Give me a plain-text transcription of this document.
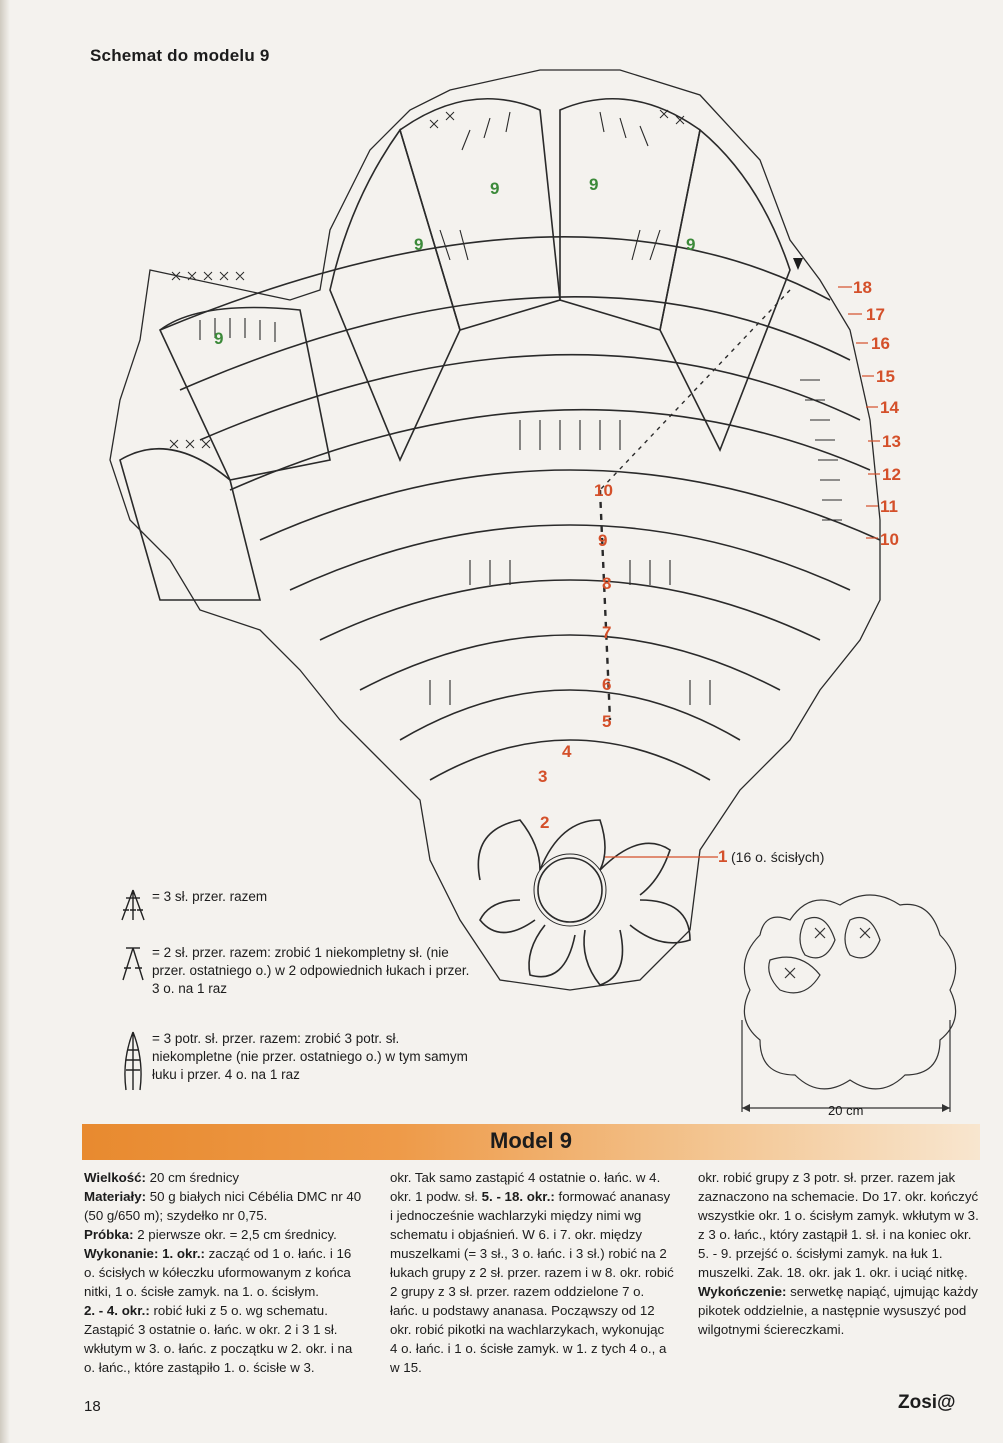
Schemat do modelu 9
18
17
16
15
14
13
12
11
10
10
9
8
7
6
5
4
3
2
1 (16 o. ścisłych)
9	9
9	9
9
= 3 sł. przer. razem
= 2 sł. przer. razem: zrobić 1 niekompletny sł. (nie przer. ostatniego o.) w 2 odpowiednich łukach i przer. 3 o. na 1 raz
= 3 potr. sł. przer. razem: zrobić 3 potr. sł. niekompletne (nie przer. ostatniego o.) w tym samym łuku i przer. 4 o. na 1 raz
20 cm
Model 9
Wielkość: 20 cm średnicy
Materiały: 50 g białych nici Cébélia DMC nr 40 (50 g/650 m); szydełko nr 0,75.
Próbka: 2 pierwsze okr. = 2,5 cm średnicy.
Wykonanie: 1. okr.: zacząć od 1 o. łańc. i 16 o. ścisłych w kółeczku uformowanym z końca nitki, 1 o. ścisłe zamyk. na 1. o. ścisłym.
2. - 4. okr.: robić łuki z 5 o. wg schematu. Zastąpić 3 ostatnie o. łańc. w okr. 2 i 3 1 sł. wkłutym w 3. o. łańc. z początku w 2. okr. i na o. łańc., które zastąpiło 1. o. ścisłe w 3.
okr. Tak samo zastąpić 4 ostatnie o. łańc. w 4. okr. 1 podw. sł. 5. - 18. okr.: formować ananasy i jednocześnie wachlarzyki między nimi wg schematu i objaśnień. W 6. i 7. okr. między muszelkami (= 3 sł., 3 o. łańc. i 3 sł.) robić na 2 łukach grupy z 2 sł. przer. razem i w 8. okr. robić 2 grupy z 3 sł. przer. razem oddzielone 7 o. łańc. u podstawy ananasa. Począwszy od 12 okr. robić pikotki na wachlarzykach, wykonując 4 o. łańc. i 1 o. ścisłe zamyk. w 1. z tych 4 o., a w 15.
okr. robić grupy z 3 potr. sł. przer. razem jak zaznaczono na schemacie. Do 17. okr. kończyć wszystkie okr. 1 o. ścisłym zamyk. wkłutym w 3. z 3 o. łańc., który zastąpił 1. sł. i na koniec okr. 5. - 9. przejść o. ścisłymi zamyk. na łuk 1. muszelki. Zak. 18. okr. jak 1. okr. i uciąć nitkę.
Wykończenie: serwetkę napiąć, ujmując każdy pikotek oddzielnie, a następnie wysuszyć pod wilgotnymi ściereczkami.
18	Zosi@
